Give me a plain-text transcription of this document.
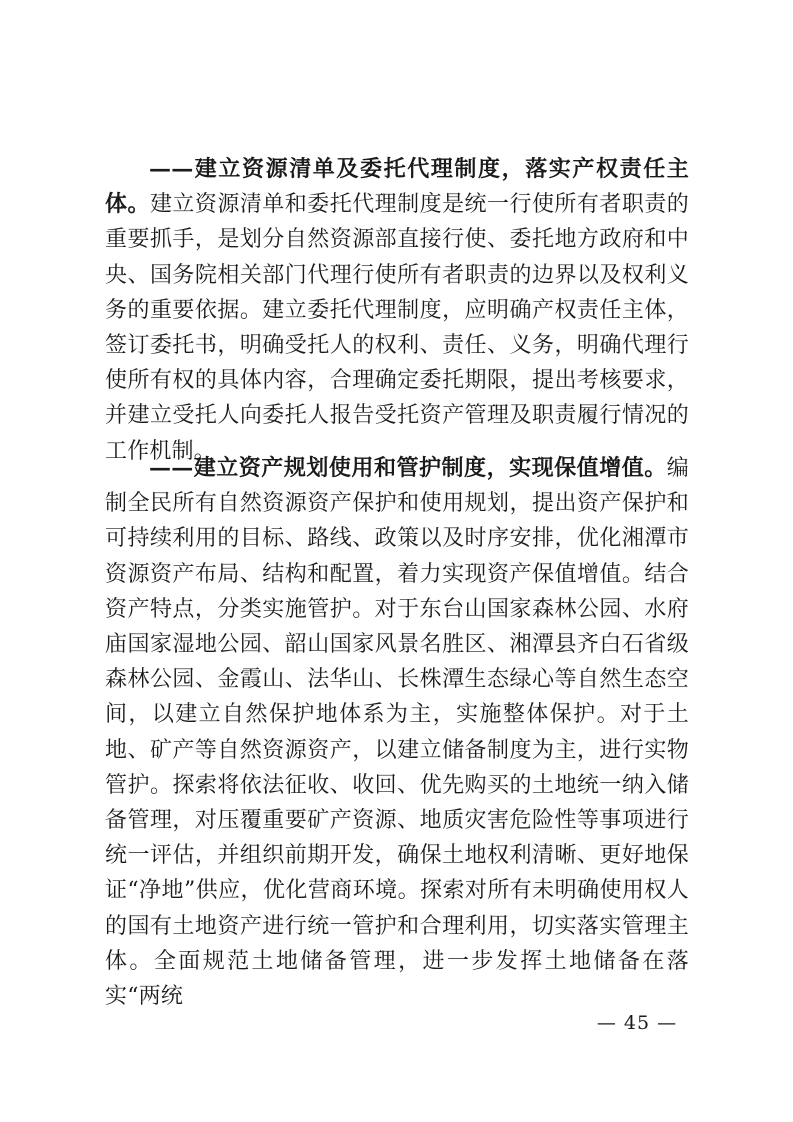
——建立资源清单及委托代理制度，落实产权责任主体。建立资源清单和委托代理制度是统一行使所有者职责的重要抓手，是划分自然资源部直接行使、委托地方政府和中央、国务院相关部门代理行使所有者职责的边界以及权利义务的重要依据。建立委托代理制度，应明确产权责任主体，签订委托书，明确受托人的权利、责任、义务，明确代理行使所有权的具体内容，合理确定委托期限，提出考核要求，并建立受托人向委托人报告受托资产管理及职责履行情况的工作机制。

——建立资产规划使用和管护制度，实现保值增值。编制全民所有自然资源资产保护和使用规划，提出资产保护和可持续利用的目标、路线、政策以及时序安排，优化湘潭市资源资产布局、结构和配置，着力实现资产保值增值。结合资产特点，分类实施管护。对于东台山国家森林公园、水府庙国家湿地公园、韶山国家风景名胜区、湘潭县齐白石省级森林公园、金霞山、法华山、长株潭生态绿心等自然生态空间，以建立自然保护地体系为主，实施整体保护。对于土地、矿产等自然资源资产，以建立储备制度为主，进行实物管护。探索将依法征收、收回、优先购买的土地统一纳入储备管理，对压覆重要矿产资源、地质灾害危险性等事项进行统一评估，并组织前期开发，确保土地权利清晰、更好地保证“净地”供应，优化营商环境。探索对所有未明确使用权人的国有土地资产进行统一管护和合理利用，切实落实管理主体。全面规范土地储备管理，进一步发挥土地储备在落实“两统

— 45 —
